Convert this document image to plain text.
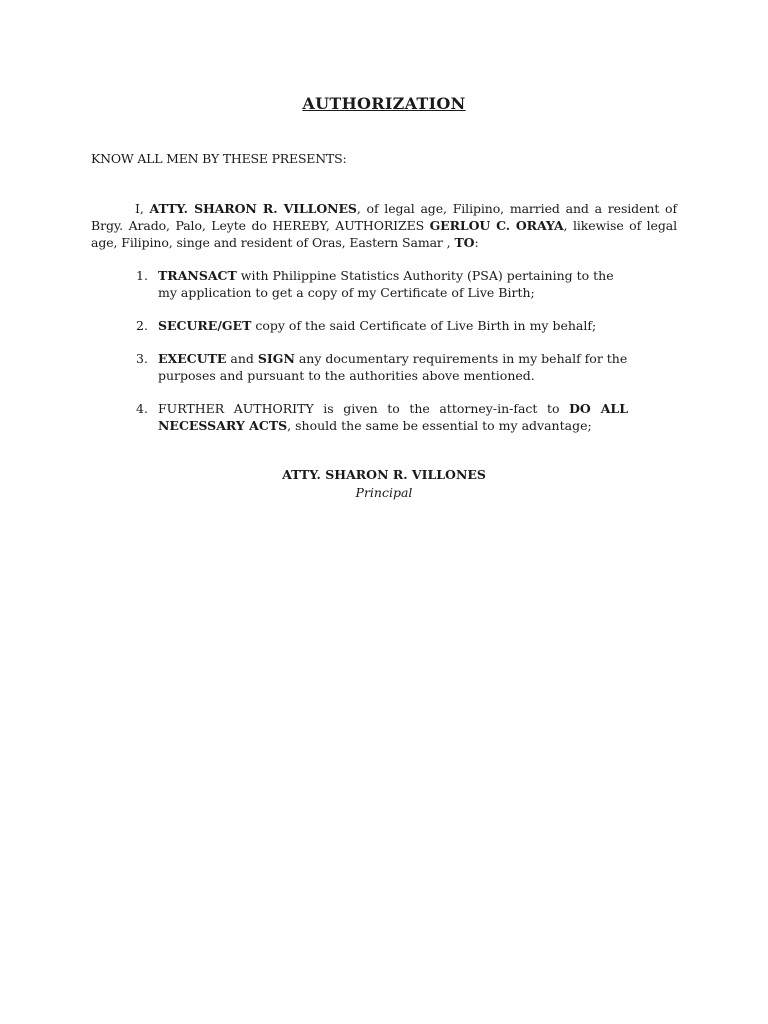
AUTHORIZATION
KNOW ALL MEN BY THESE PRESENTS:
I, ATTY. SHARON R. VILLONES, of legal age, Filipino, married and a resident of Brgy. Arado, Palo, Leyte do HEREBY, AUTHORIZES GERLOU C. ORAYA, likewise of legal age, Filipino, singe and resident of Oras, Eastern Samar , TO:
1. TRANSACT with Philippine Statistics Authority (PSA) pertaining to the my application to get a copy of my Certificate of Live Birth;
2. SECURE/GET copy of the said Certificate of Live Birth in my behalf;
3. EXECUTE and SIGN any documentary requirements in my behalf for the purposes and pursuant to the authorities above mentioned.
4. FURTHER AUTHORITY is given to the attorney-in-fact to DO ALL NECESSARY ACTS, should the same be essential to my advantage;
ATTY. SHARON R. VILLONES
Principal
